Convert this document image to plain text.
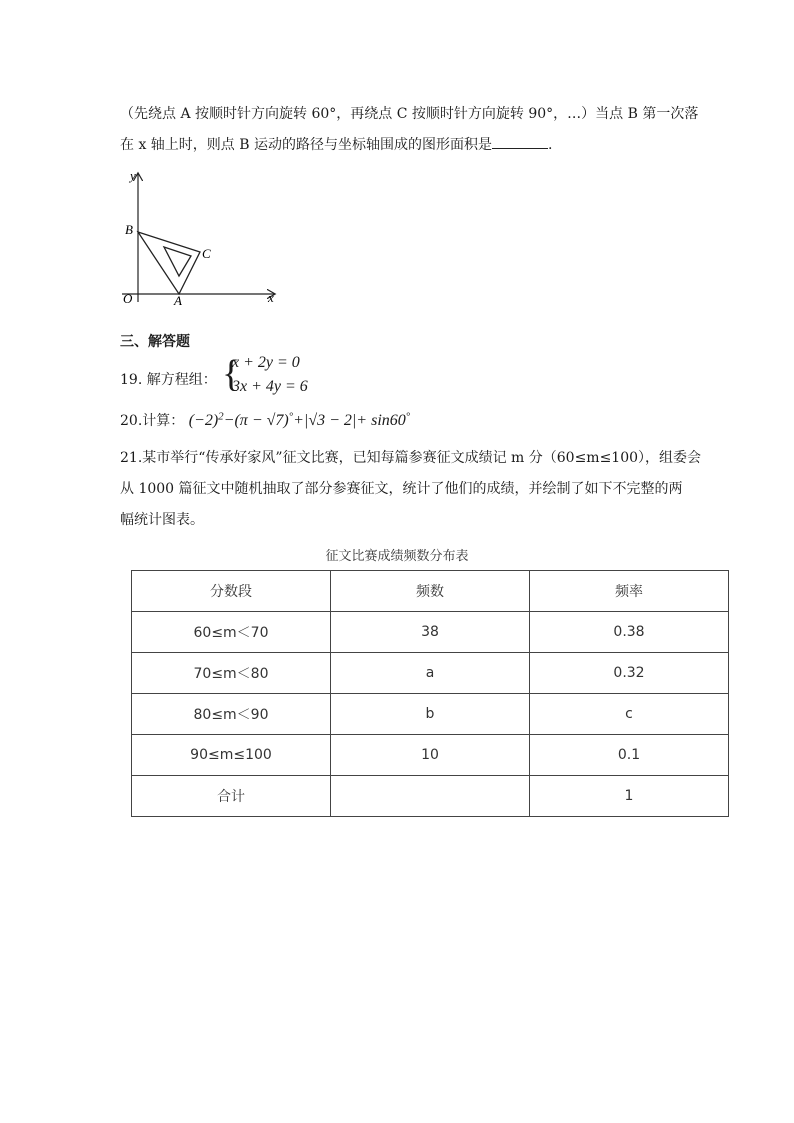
（先绕点 A 按顺时针方向旋转 60°，再绕点 C 按顺时针方向旋转 90°，…）当点 B 第一次落
在 x 轴上时，则点 B 运动的路径与坐标轴围成的图形面积是	.
y
x
O	A
B
C
三、解答题
19. 解方程组： {
x + 2y = 0
3x + 4y = 6
20.计算： $(-2)^2-(\pi - √7)^\circ+|√3 - 2|+ \sin 60^\circ$
21.某市举行“传承好家风”征文比赛，已知每篇参赛征文成绩记 m 分（60≤m≤100），组委会
从 1000 篇征文中随机抽取了部分参赛征文，统计了他们的成绩，并绘制了如下不完整的两
幅统计图表。
征文比赛成绩频数分布表
分数段	频数	频率
60≤m＜70	38	0.38
70≤m＜80	a	0.32
80≤m＜90	b	c
90≤m≤100	10	0.1
合计		1
